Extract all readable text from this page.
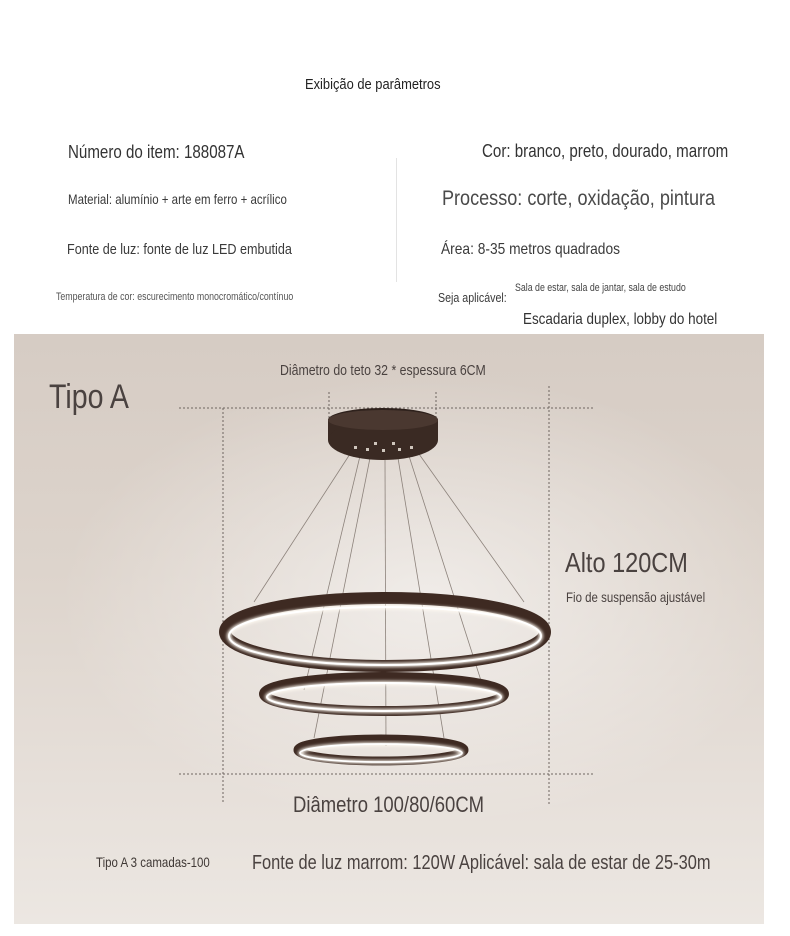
Exibição de parâmetros
Número do item: 188087A
Material: alumínio + arte em ferro + acrílico
Fonte de luz: fonte de luz LED embutida
Temperatura de cor: escurecimento monocromático/contínuo
Cor: branco, preto, dourado, marrom
Processo: corte, oxidação, pintura
Área: 8-35 metros quadrados
Seja aplicável:
Sala de estar, sala de jantar, sala de estudo
Escadaria duplex, lobby do hotel
Tipo A
Diâmetro do teto 32 * espessura 6CM
Alto 120CM
Fio de suspensão ajustável
Diâmetro 100/80/60CM
Tipo A 3 camadas-100 Fonte de luz marrom: 120W Aplicável: sala de estar de 25-30m
